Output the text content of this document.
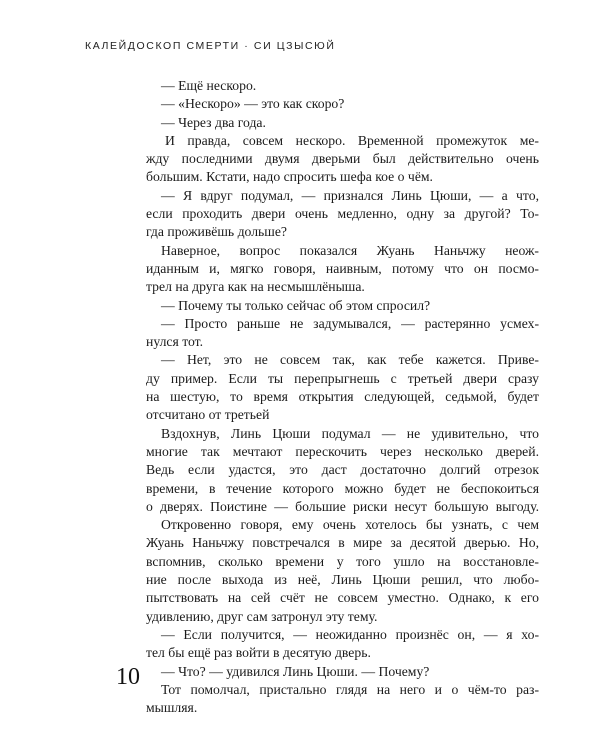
КАЛЕЙДОСКОП СМЕРТИ · СИ ЦЗЫСЮЙ
— Ещё нескоро.
— «Нескоро» — это как скоро?
— Через два года.
И правда, совсем нескоро. Временной промежуток ме-
жду последними двумя дверьми был действительно очень
большим. Кстати, надо спросить шефа кое о чём.
— Я вдруг подумал, — признался Линь Цюши, — а что,
если проходить двери очень медленно, одну за другой? То-
гда проживёшь дольше?
Наверное, вопрос показался Жуань Наньчжу неож-
иданным и, мягко говоря, наивным, потому что он посмо-
трел на друга как на несмышлёныша.
— Почему ты только сейчас об этом спросил?
— Просто раньше не задумывался, — растерянно усмех-
нулся тот.
— Нет, это не совсем так, как тебе кажется. Приве-
ду пример. Если ты перепрыгнешь с третьей двери сразу
на шестую, то время открытия следующей, седьмой, будет
отсчитано от третьей
Вздохнув, Линь Цюши подумал — не удивительно, что
многие так мечтают перескочить через несколько дверей.
Ведь если удастся, это даст достаточно долгий отрезок
времени, в течение которого можно будет не беспокоиться
о дверях. Поистине — большие риски несут большую выгоду.
Откровенно говоря, ему очень хотелось бы узнать, с чем
Жуань Наньчжу повстречался в мире за десятой дверью. Но,
вспомнив, сколько времени у того ушло на восстановле-
ние после выхода из неё, Линь Цюши решил, что любо-
пытствовать на сей счёт не совсем уместно. Однако, к его
удивлению, друг сам затронул эту тему.
— Если получится, — неожиданно произнёс он, — я хо-
тел бы ещё раз войти в десятую дверь.
— Что? — удивился Линь Цюши. — Почему?
Тот помолчал, пристально глядя на него и о чём-то раз-
мышляя.
10
